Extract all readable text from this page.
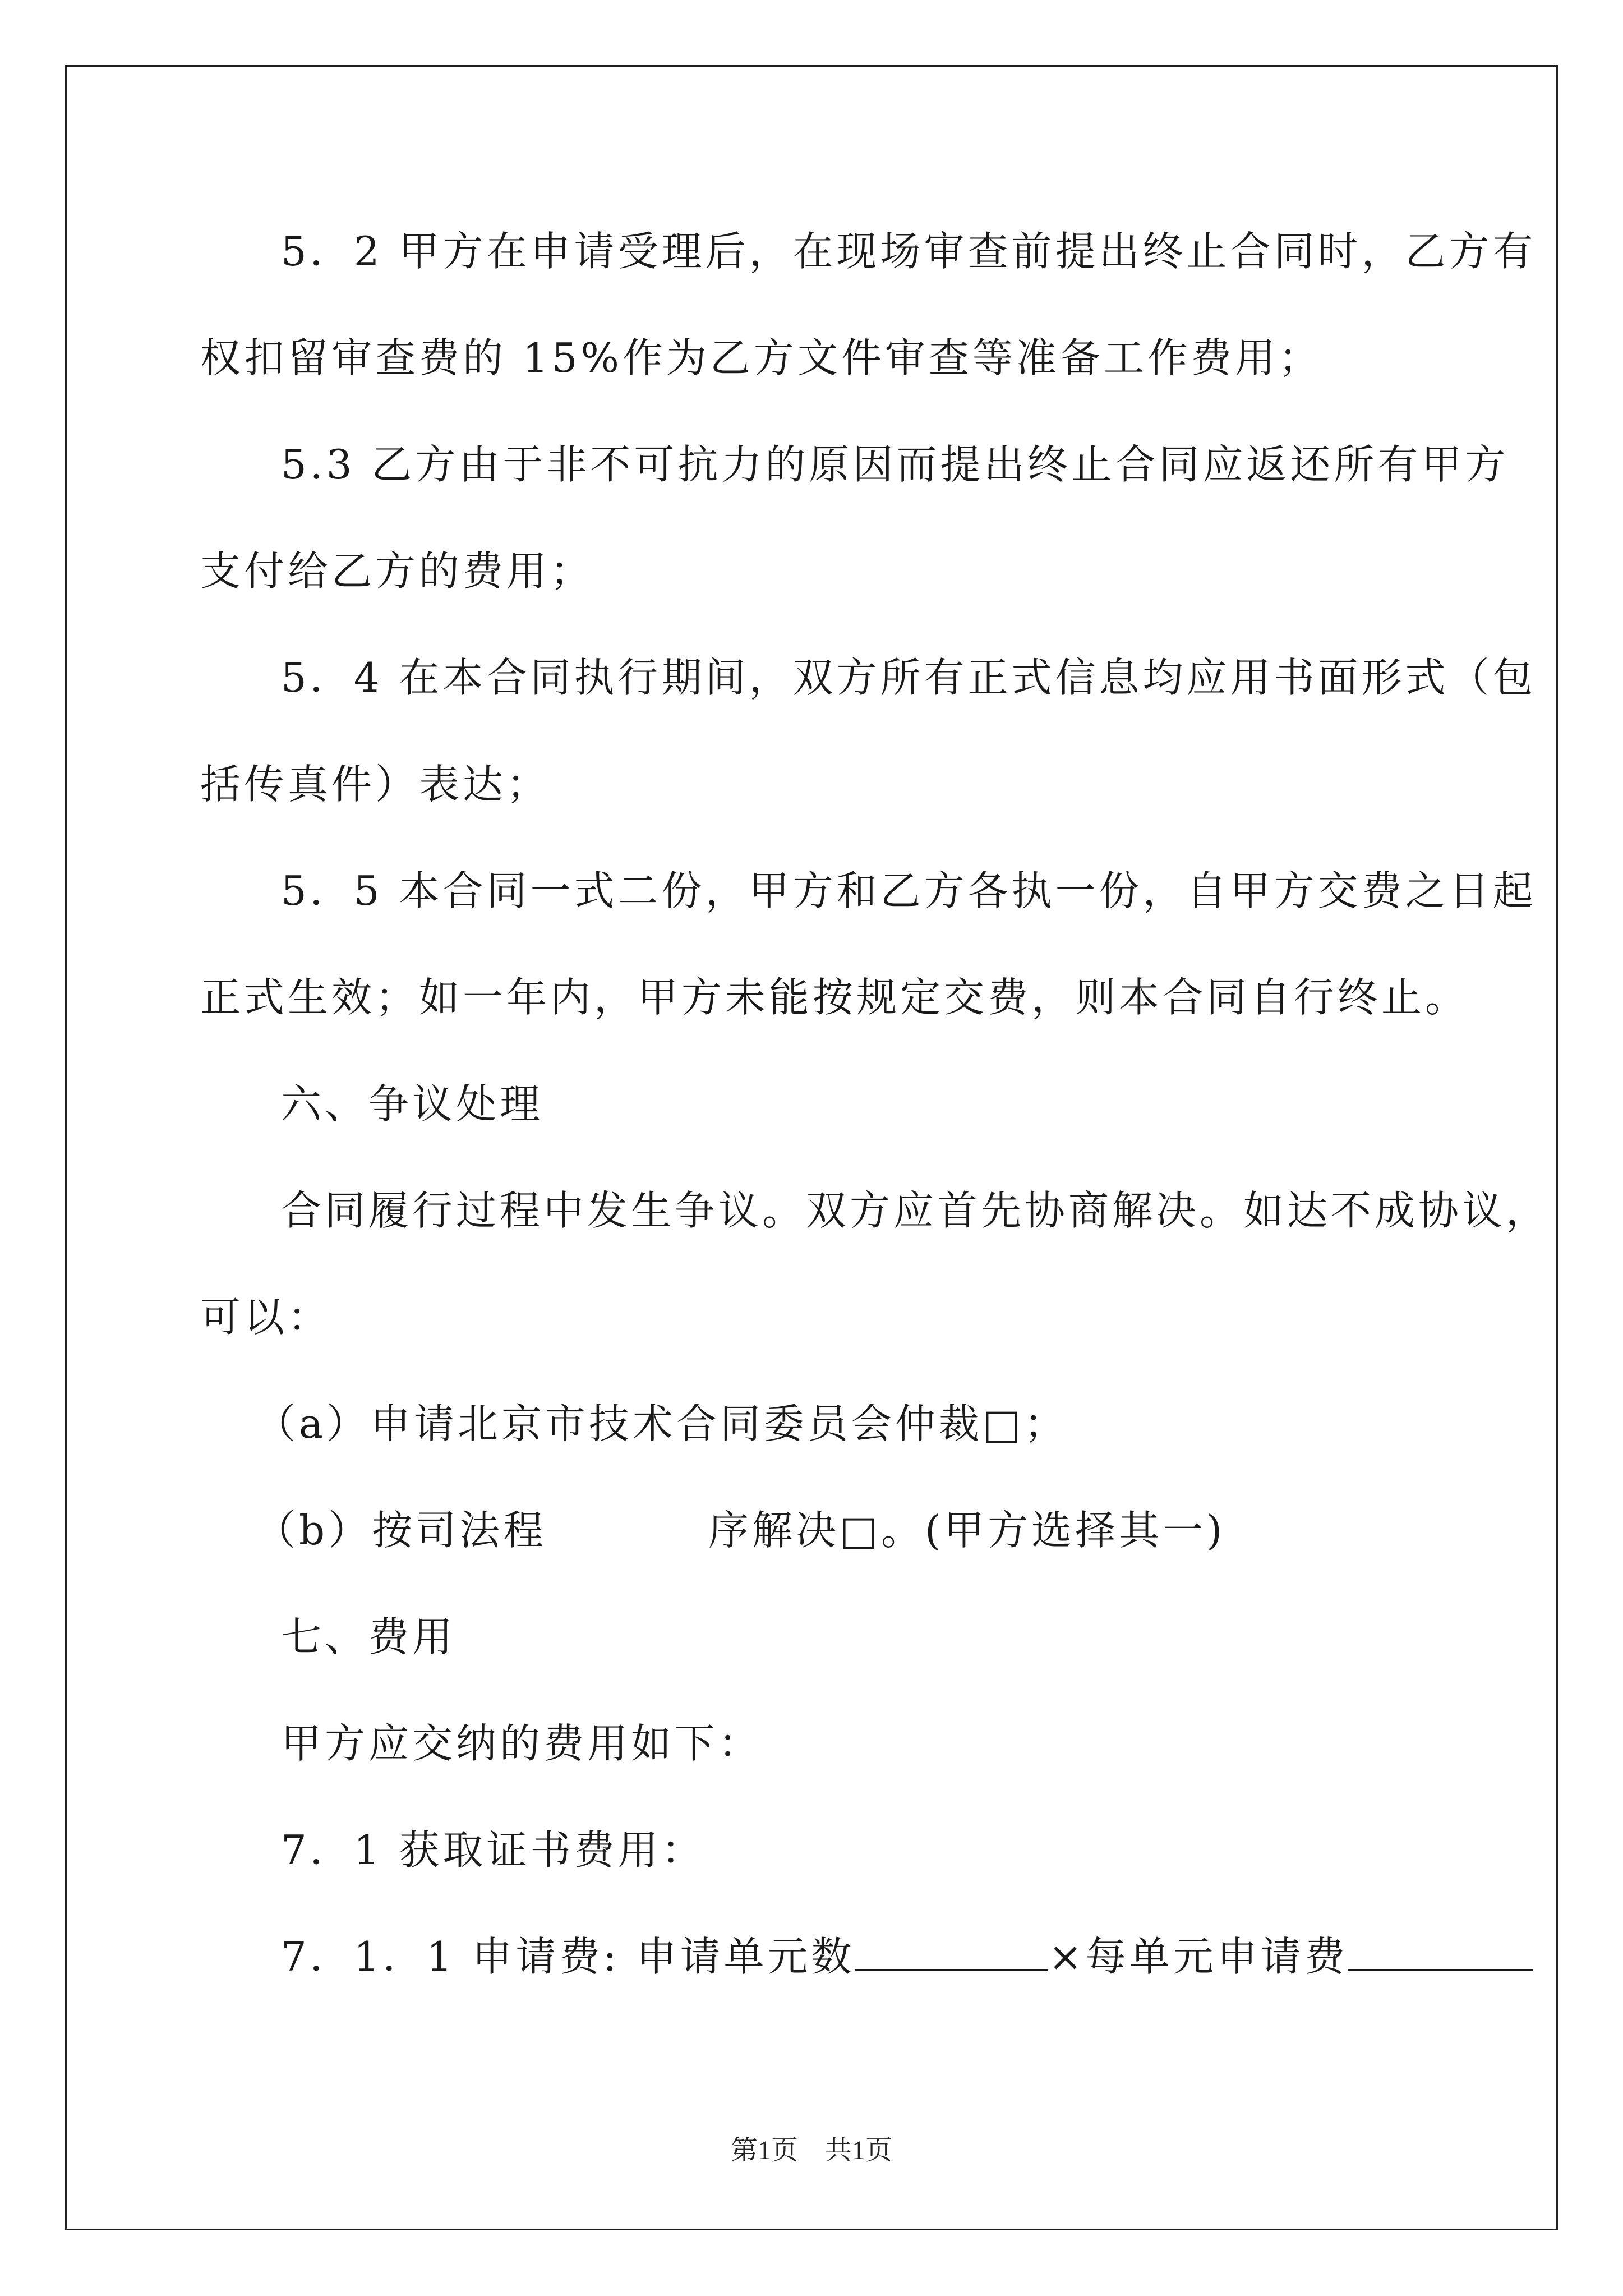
5．2 甲方在申请受理后，在现场审查前提出终止合同时，乙方有
权扣留审查费的 15%作为乙方文件审查等准备工作费用；
5.3 乙方由于非不可抗力的原因而提出终止合同应返还所有甲方
支付给乙方的费用；
5．4 在本合同执行期间，双方所有正式信息均应用书面形式（包
括传真件）表达；
5．5 本合同一式二份，甲方和乙方各执一份，自甲方交费之日起
正式生效；如一年内，甲方未能按规定交费，则本合同自行终止。
六、争议处理
合同履行过程中发生争议。双方应首先协商解决。如达不成协议，
可以：
（a）申请北京市技术合同委员会仲裁□；
（b）按司法程	序解决□。(甲方选择其一)
七、费用
甲方应交纳的费用如下：
7．1 获取证书费用：
7．1．1 申请费: 申请单元数	×每单元申请费
第1页　共1页
